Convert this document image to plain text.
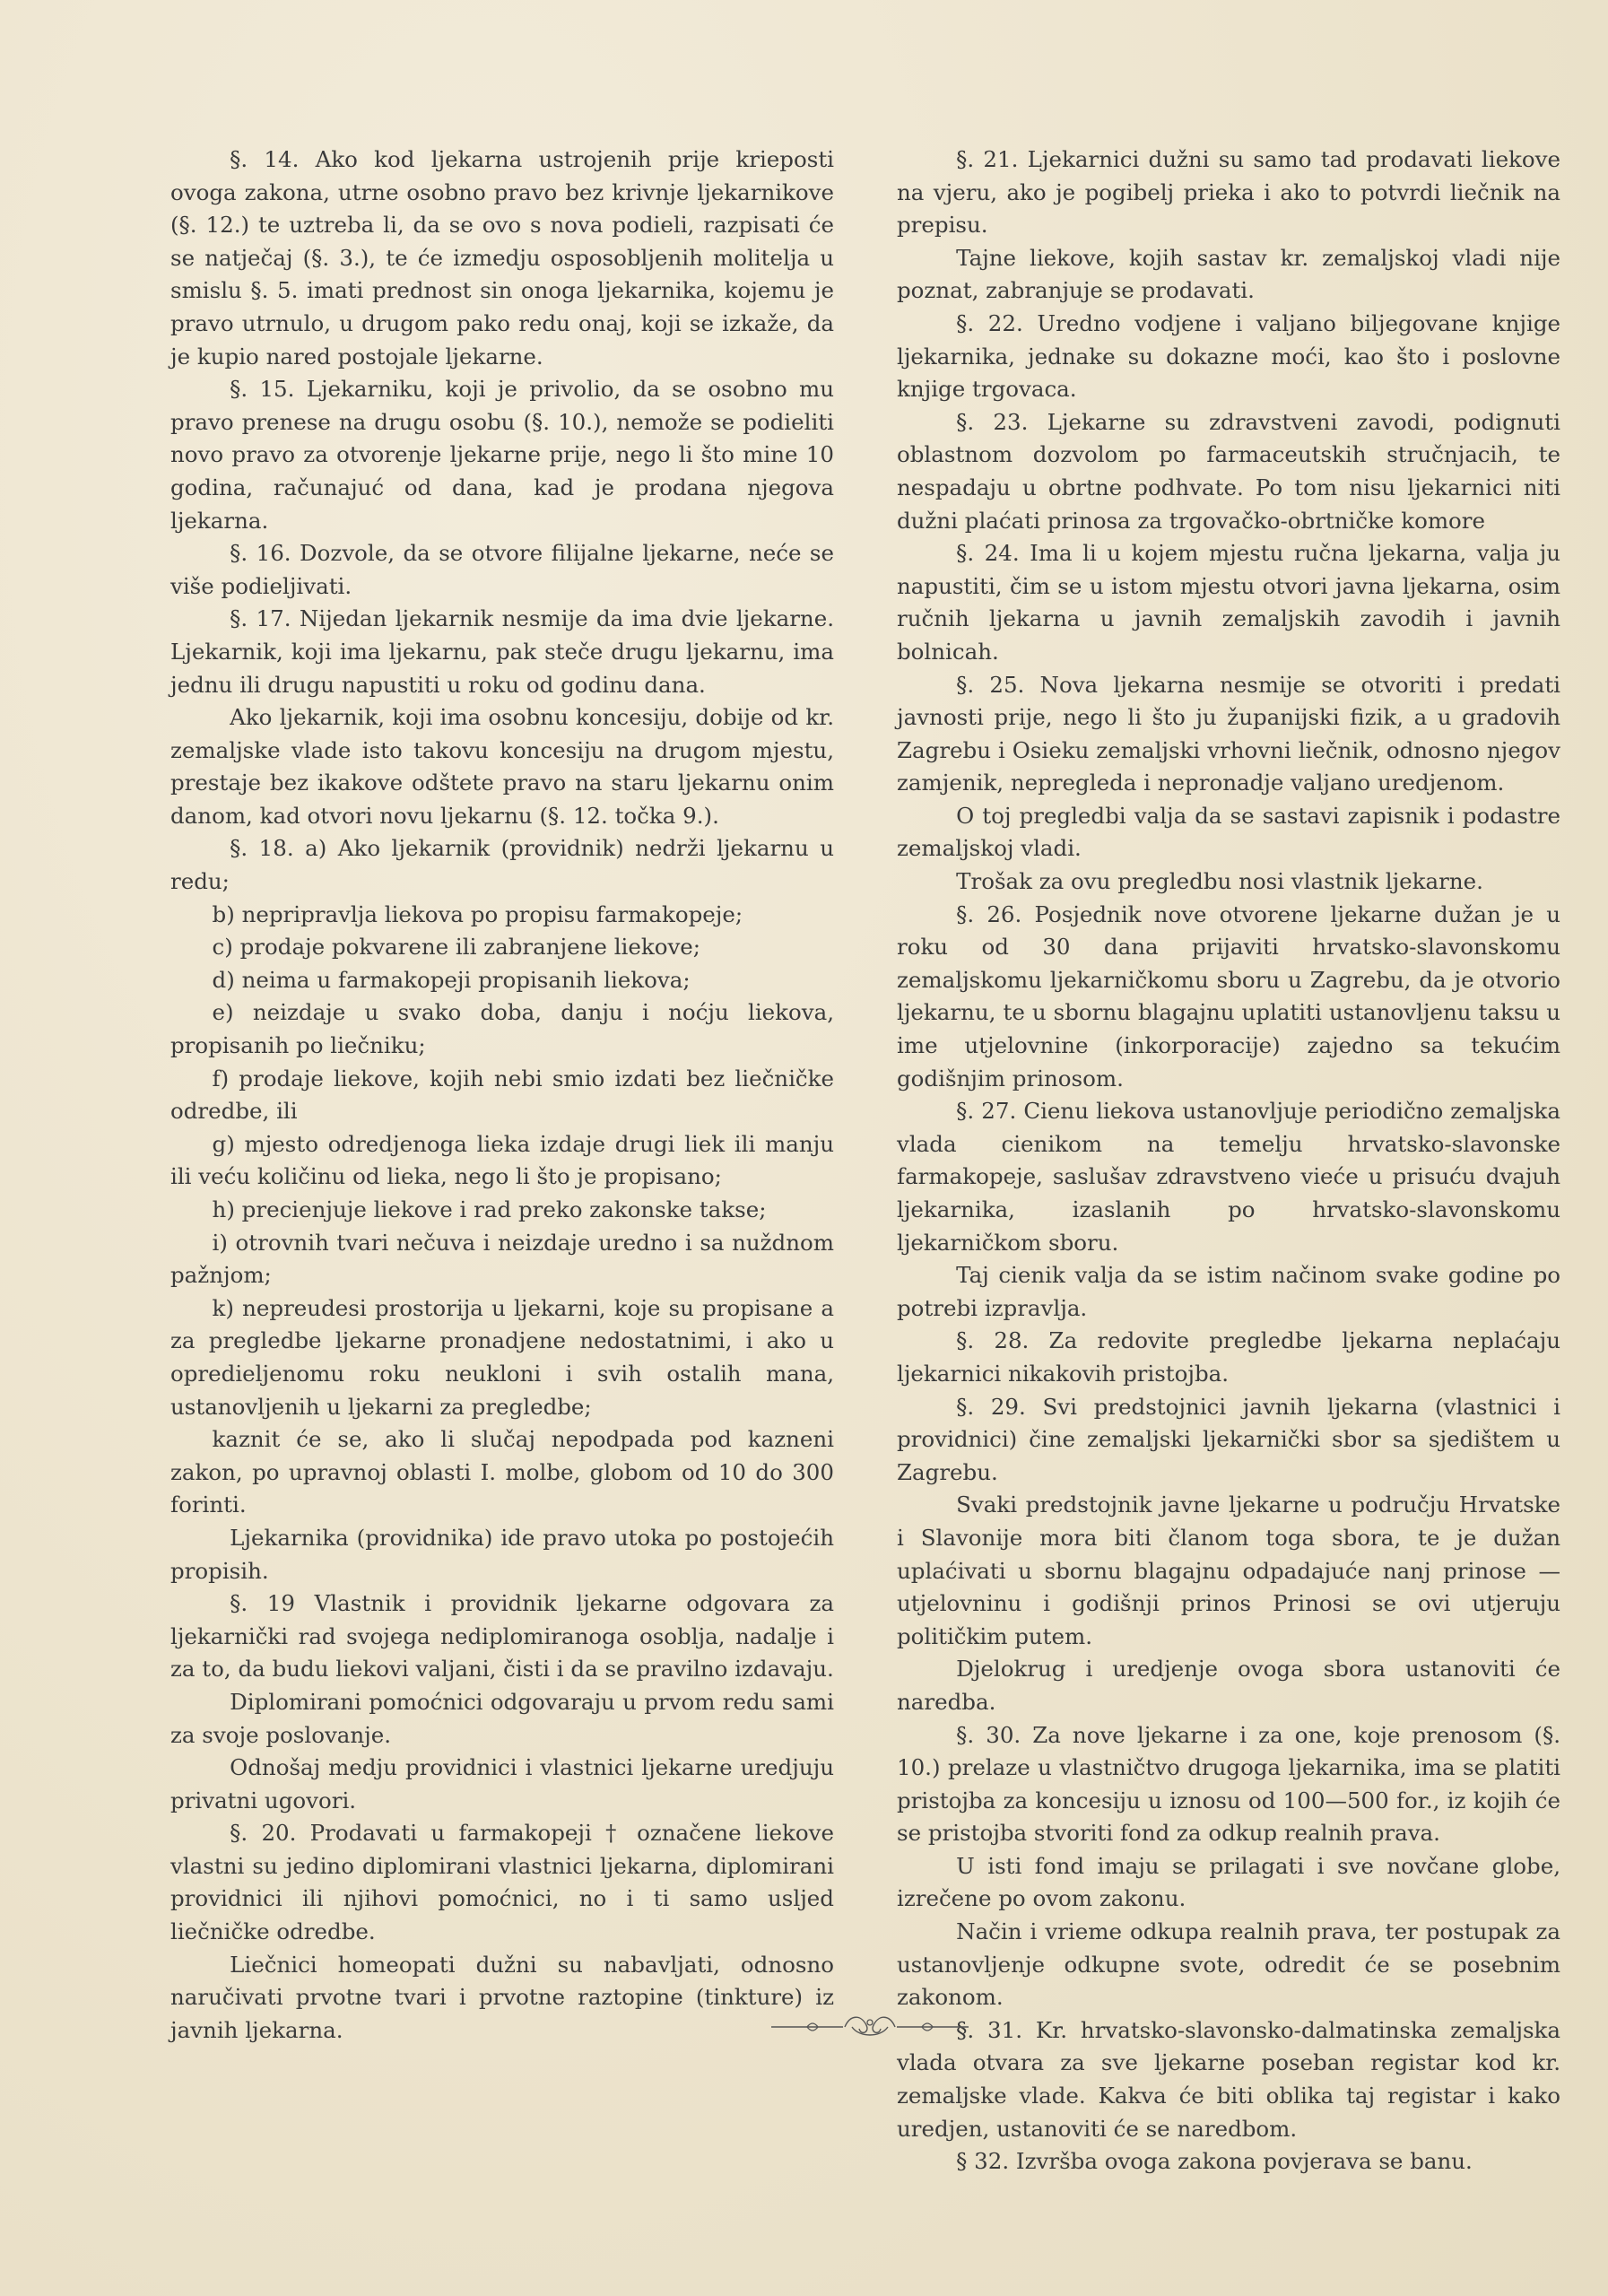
§. 14. Ako kod ljekarna ustrojenih prije krieposti ovoga zakona, utrne osobno pravo bez krivnje ljekarnikove (§. 12.) te uztreba li, da se ovo s nova podieli, razpisati će se natječaj (§. 3.), te će izmedju osposobljenih molitelja u smislu §. 5. imati prednost sin onoga ljekarnika, kojemu je pravo utrnulo, u drugom pako redu onaj, koji se izkaže, da je kupio nared postojale ljekarne.

§. 15. Ljekarniku, koji je privolio, da se osobno mu pravo prenese na drugu osobu (§. 10.), nemože se podieliti novo pravo za otvorenje ljekarne prije, nego li što mine 10 godina, računajuć od dana, kad je prodana njegova ljekarna.

§. 16. Dozvole, da se otvore filijalne ljekarne, neće se više podieljivati.

§. 17. Nijedan ljekarnik nesmije da ima dvie ljekarne. Ljekarnik, koji ima ljekarnu, pak steče drugu ljekarnu, ima jednu ili drugu napustiti u roku od godinu dana.

Ako ljekarnik, koji ima osobnu koncesiju, dobije od kr. zemaljske vlade isto takovu koncesiju na drugom mjestu, prestaje bez ikakove odštete pravo na staru ljekarnu onim danom, kad otvori novu ljekarnu (§. 12. točka 9.).

§. 18. a) Ako ljekarnik (providnik) nedrži ljekarnu u redu;

b) nepripravlja liekova po propisu farmakopeje;

c) prodaje pokvarene ili zabranjene liekove;

d) neima u farmakopeji propisanih liekova;

e) neizdaje u svako doba, danju i noćju liekova, propisanih po liečniku;

f) prodaje liekove, kojih nebi smio izdati bez liečničke odredbe, ili

g) mjesto odredjenoga lieka izdaje drugi liek ili manju ili veću količinu od lieka, nego li što je propisano;

h) precienjuje liekove i rad preko zakonske takse;

i) otrovnih tvari nečuva i neizdaje uredno i sa nuždnom pažnjom;

k) nepreudesi prostorija u ljekarni, koje su propisane a za pregledbe ljekarne pronadjene nedostatnimi, i ako u opredieljenomu roku neukloni i svih ostalih mana, ustanovljenih u ljekarni za pregledbe;

kaznit će se, ako li slučaj nepodpada pod kazneni zakon, po upravnoj oblasti I. molbe, globom od 10 do 300 forinti.

Ljekarnika (providnika) ide pravo utoka po postojećih propisih.

§. 19 Vlastnik i providnik ljekarne odgovara za ljekarnički rad svojega nediplomiranoga osoblja, nadalje i za to, da budu liekovi valjani, čisti i da se pravilno izdavaju.

Diplomirani pomoćnici odgovaraju u prvom redu sami za svoje poslovanje.

Odnošaj medju providnici i vlastnici ljekarne uredjuju privatni ugovori.

§. 20. Prodavati u farmakopeji † označene liekove vlastni su jedino diplomirani vlastnici ljekarna, diplomirani providnici ili njihovi pomoćnici, no i ti samo usljed liečničke odredbe.

Liečnici homeopati dužni su nabavljati, odnosno naručivati prvotne tvari i prvotne raztopine (tinkture) iz javnih ljekarna.

§. 21. Ljekarnici dužni su samo tad prodavati liekove na vjeru, ako je pogibelj prieka i ako to potvrdi liečnik na prepisu.

Tajne liekove, kojih sastav kr. zemaljskoj vladi nije poznat, zabranjuje se prodavati.

§. 22. Uredno vodjene i valjano biljegovane knjige ljekarnika, jednake su dokazne moći, kao što i poslovne knjige trgovaca.

§. 23. Ljekarne su zdravstveni zavodi, podignuti oblastnom dozvolom po farmaceutskih stručnjacih, te nespadaju u obrtne podhvate. Po tom nisu ljekarnici niti dužni plaćati prinosa za trgovačko-obrtničke komore

§. 24. Ima li u kojem mjestu ručna ljekarna, valja ju napustiti, čim se u istom mjestu otvori javna ljekarna, osim ručnih ljekarna u javnih zemaljskih zavodih i javnih bolnicah.

§. 25. Nova ljekarna nesmije se otvoriti i predati javnosti prije, nego li što ju županijski fizik, a u gradovih Zagrebu i Osieku zemaljski vrhovni liečnik, odnosno njegov zamjenik, nepregleda i nepronadje valjano uredjenom.

O toj pregledbi valja da se sastavi zapisnik i podastre zemaljskoj vladi.

Trošak za ovu pregledbu nosi vlastnik ljekarne.

§. 26. Posjednik nove otvorene ljekarne dužan je u roku od 30 dana prijaviti hrvatsko-slavonskomu zemaljskomu ljekarničkomu sboru u Zagrebu, da je otvorio ljekarnu, te u sbornu blagajnu uplatiti ustanovljenu taksu u ime utjelovnine (inkorporacije) zajedno sa tekućim godišnjim prinosom.

§. 27. Cienu liekova ustanovljuje periodično zemaljska vlada cienikom na temelju hrvatsko-slavonske farmakopeje, saslušav zdravstveno vieće u prisuću dvajuh ljekarnika, izaslanih po hrvatsko-slavonskomu ljekarničkom sboru.

Taj cienik valja da se istim načinom svake godine po potrebi izpravlja.

§. 28. Za redovite pregledbe ljekarna neplaćaju ljekarnici nikakovih pristojba.

§. 29. Svi predstojnici javnih ljekarna (vlastnici i providnici) čine zemaljski ljekarnički sbor sa sjedištem u Zagrebu.

Svaki predstojnik javne ljekarne u području Hrvatske i Slavonije mora biti članom toga sbora, te je dužan uplaćivati u sbornu blagajnu odpadajuće nanj prinose — utjelovninu i godišnji prinos Prinosi se ovi utjeruju političkim putem.

Djelokrug i uredjenje ovoga sbora ustanoviti će naredba.

§. 30. Za nove ljekarne i za one, koje prenosom (§. 10.) prelaze u vlastničtvo drugoga ljekarnika, ima se platiti pristojba za koncesiju u iznosu od 100—500 for., iz kojih će se pristojba stvoriti fond za odkup realnih prava.

U isti fond imaju se prilagati i sve novčane globe, izrečene po ovom zakonu.

Način i vrieme odkupa realnih prava, ter postupak za ustanovljenje odkupne svote, odredit će se posebnim zakonom.

§. 31. Kr. hrvatsko-slavonsko-dalmatinska zemaljska vlada otvara za sve ljekarne poseban registar kod kr. zemaljske vlade. Kakva će biti oblika taj registar i kako uredjen, ustanoviti će se naredbom.

§ 32. Izvršba ovoga zakona povjerava se banu.
